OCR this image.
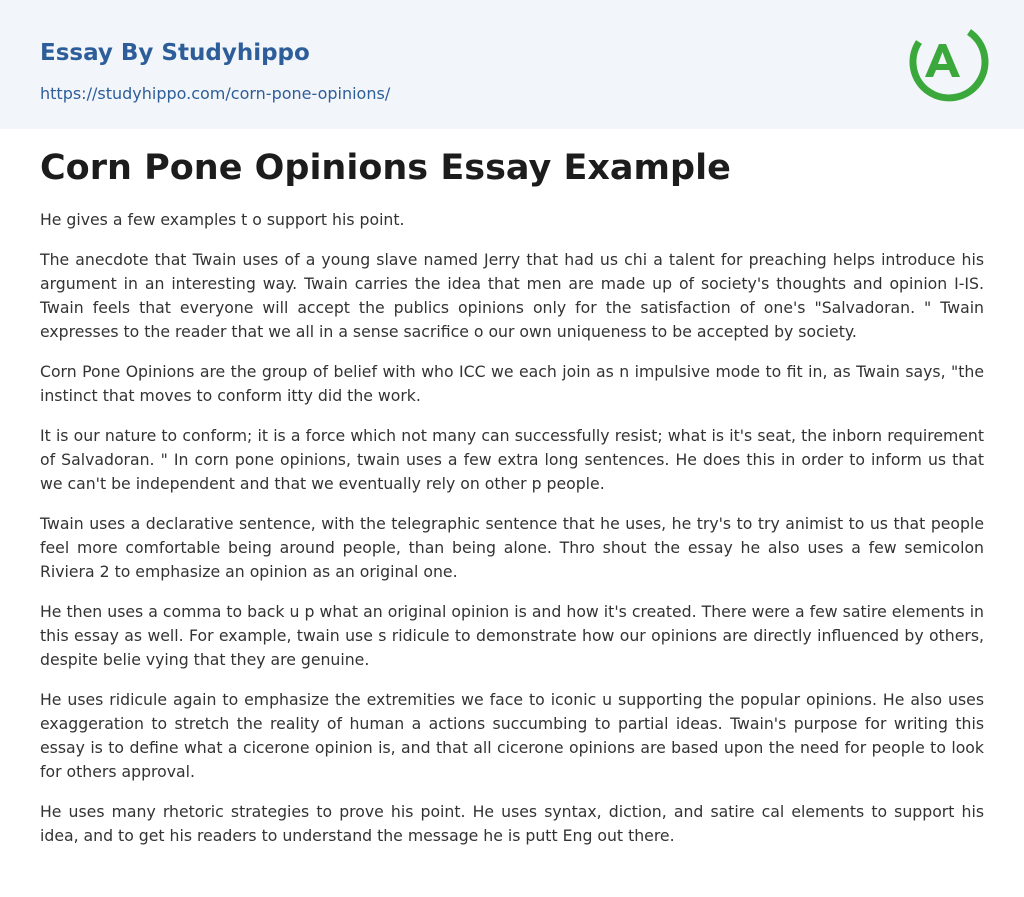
Essay By Studyhippo
https://studyhippo.com/corn-pone-opinions/
Corn Pone Opinions Essay Example

He gives a few examples t o support his point.

The anecdote that Twain uses of a young slave named Jerry that had us chi a talent for preaching helps introduce his argument in an interesting way. Twain carries the idea that men are made up of society's thoughts and opinion I-IS. Twain feels that everyone will accept the publics opinions only for the satisfaction of one's "Salvadoran. " Twain expresses to the reader that we all in a sense sacrifice o our own uniqueness to be accepted by society.

Corn Pone Opinions are the group of belief with who ICC we each join as n impulsive mode to fit in, as Twain says, "the instinct that moves to conform itty did the work.

It is our nature to conform; it is a force which not many can successfully resist; what is it's seat, the inborn requirement of Salvadoran. " In corn pone opinions, twain uses a few extra long sentences. He does this in order to inform us that we can't be independent and that we eventually rely on other p people.

Twain uses a declarative sentence, with the telegraphic sentence that he uses, he try's to try animist to us that people feel more comfortable being around people, than being alone. Thro shout the essay he also uses a few semicolon Riviera 2 to emphasize an opinion as an original one.

He then uses a comma to back u p what an original opinion is and how it's created. There were a few satire elements in this essay as well. For example, twain use s ridicule to demonstrate how our opinions are directly influenced by others, despite belie vying that they are genuine.

He uses ridicule again to emphasize the extremities we face to iconic u supporting the popular opinions. He also uses exaggeration to stretch the reality of human a actions succumbing to partial ideas. Twain's purpose for writing this essay is to define what a cicerone opinion is, and that all cicerone opinions are based upon the need for people to look for others approval.

He uses many rhetoric strategies to prove his point. He uses syntax, diction, and satire cal elements to support his idea, and to get his readers to understand the message he is putt Eng out there.
